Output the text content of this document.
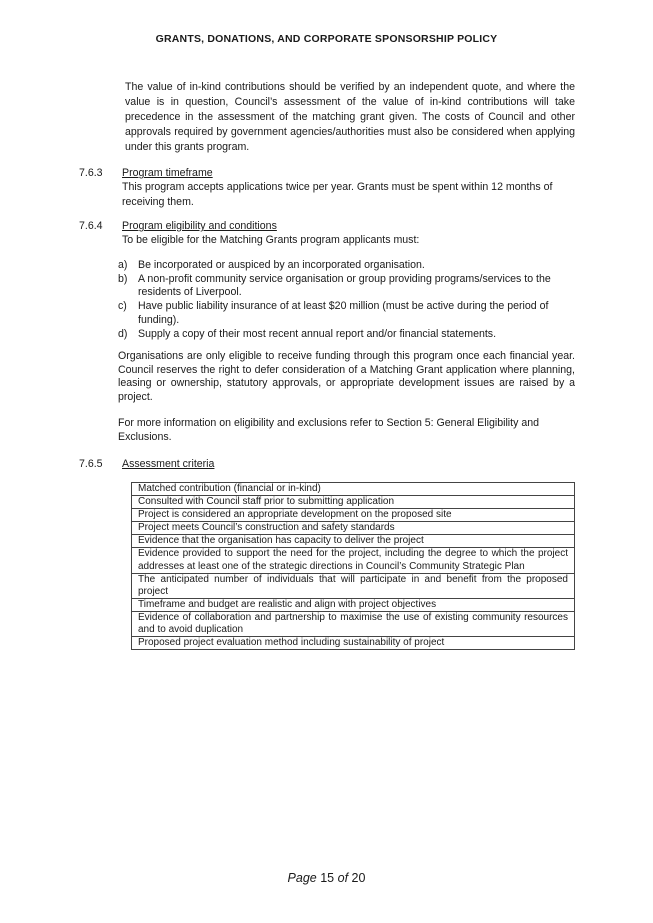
GRANTS, DONATIONS, AND CORPORATE SPONSORSHIP POLICY

The value of in-kind contributions should be verified by an independent quote, and where the value is in question, Council’s assessment of the value of in-kind contributions will take precedence in the assessment of the matching grant given. The costs of Council and other approvals required by government agencies/authorities must also be considered when applying under this grants program.

7.6.3 Program timeframe

This program accepts applications twice per year. Grants must be spent within 12 months of receiving them.

7.6.4 Program eligibility and conditions

To be eligible for the Matching Grants program applicants must:

a) Be incorporated or auspiced by an incorporated organisation.
b) A non-profit community service organisation or group providing programs/services to the residents of Liverpool.
c) Have public liability insurance of at least $20 million (must be active during the period of funding).
d) Supply a copy of their most recent annual report and/or financial statements.

Organisations are only eligible to receive funding through this program once each financial year. Council reserves the right to defer consideration of a Matching Grant application where planning, leasing or ownership, statutory approvals, or appropriate development issues are raised by a project.

For more information on eligibility and exclusions refer to Section 5: General Eligibility and Exclusions.

7.6.5 Assessment criteria
Matched contribution (financial or in-kind)
Consulted with Council staff prior to submitting application
Project is considered an appropriate development on the proposed site
Project meets Council’s construction and safety standards
Evidence that the organisation has capacity to deliver the project
Evidence provided to support the need for the project, including the degree to which the project addresses at least one of the strategic directions in Council’s Community Strategic Plan
The anticipated number of individuals that will participate in and benefit from the proposed project
Timeframe and budget are realistic and align with project objectives
Evidence of collaboration and partnership to maximise the use of existing community resources and to avoid duplication
Proposed project evaluation method including sustainability of project
Page 15 of 20
